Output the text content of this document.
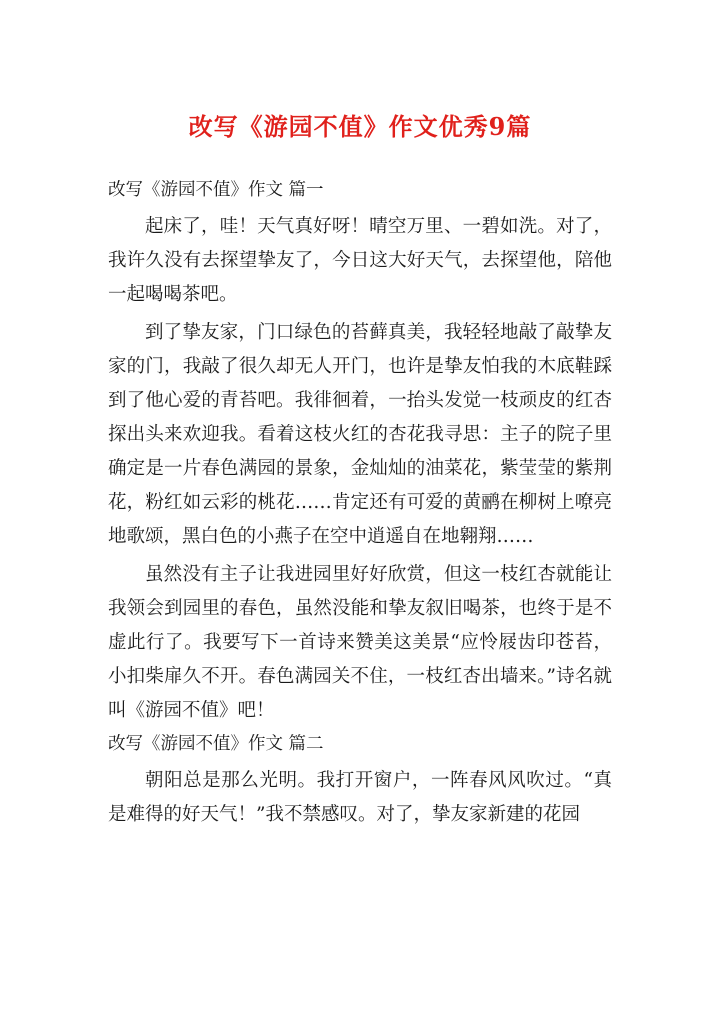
改写《游园不值》作文优秀9篇
改写《游园不值》作文 篇一

起床了，哇！天气真好呀！晴空万里、一碧如洗。对了，我许久没有去探望挚友了，今日这大好天气，去探望他，陪他一起喝喝茶吧。

到了挚友家，门口绿色的苔藓真美，我轻轻地敲了敲挚友家的门，我敲了很久却无人开门，也许是挚友怕我的木底鞋踩到了他心爱的青苔吧。我徘徊着，一抬头发觉一枝顽皮的红杏探出头来欢迎我。看着这枝火红的杏花我寻思：主子的院子里确定是一片春色满园的景象，金灿灿的油菜花，紫莹莹的紫荆花，粉红如云彩的桃花……肯定还有可爱的黄鹂在柳树上嘹亮地歌颂，黑白色的小燕子在空中逍遥自在地翱翔……

虽然没有主子让我进园里好好欣赏，但这一枝红杏就能让我领会到园里的春色，虽然没能和挚友叙旧喝茶，也终于是不虚此行了。我要写下一首诗来赞美这美景“应怜屐齿印苍苔，小扣柴扉久不开。春色满园关不住，一枝红杏出墙来。”诗名就叫《游园不值》吧！

改写《游园不值》作文 篇二

朝阳总是那么光明。我打开窗户，一阵春风风吹过。“真是难得的好天气！”我不禁感叹。对了，挚友家新建的花园
